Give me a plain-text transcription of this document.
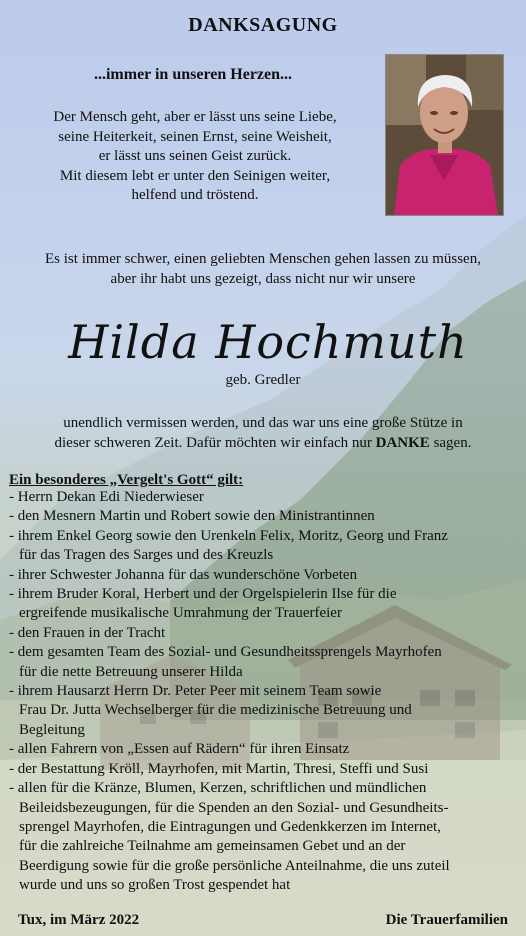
DANKSAGUNG
...immer in unseren Herzen...
Der Mensch geht, aber er lässt uns seine Liebe,
seine Heiterkeit, seinen Ernst, seine Weisheit,
er lässt uns seinen Geist zurück.
Mit diesem lebt er unter den Seinigen weiter,
helfend und tröstend.
Es ist immer schwer, einen geliebten Menschen gehen lassen zu müssen,
aber ihr habt uns gezeigt, dass nicht nur wir unsere
Hilda Hochmuth
geb. Gredler
unendlich vermissen werden, und das war uns eine große Stütze in
dieser schweren Zeit. Dafür möchten wir einfach nur DANKE sagen.
Ein besonderes „Vergelt's Gott“ gilt:
- Herrn Dekan Edi Niederwieser
- den Mesnern Martin und Robert sowie den Ministrantinnen
- ihrem Enkel Georg sowie den Urenkeln Felix, Moritz, Georg und Franz
für das Tragen des Sarges und des Kreuzls
- ihrer Schwester Johanna für das wunderschöne Vorbeten
- ihrem Bruder Koral, Herbert und der Orgelspielerin Ilse für die
ergreifende musikalische Umrahmung der Trauerfeier
- den Frauen in der Tracht
- dem gesamten Team des Sozial- und Gesundheitssprengels Mayrhofen
für die nette Betreuung unserer Hilda
- ihrem Hausarzt Herrn Dr. Peter Peer mit seinem Team sowie
Frau Dr. Jutta Wechselberger für die medizinische Betreuung und
Begleitung
- allen Fahrern von „Essen auf Rädern“ für ihren Einsatz
- der Bestattung Kröll, Mayrhofen, mit Martin, Thresi, Steffi und Susi
- allen für die Kränze, Blumen, Kerzen, schriftlichen und mündlichen
Beileidsbezeugungen, für die Spenden an den Sozial- und Gesundheits-
sprengel Mayrhofen, die Eintragungen und Gedenkkerzen im Internet,
für die zahlreiche Teilnahme am gemeinsamen Gebet und an der
Beerdigung sowie für die große persönliche Anteilnahme, die uns zuteil
wurde und uns so großen Trost gespendet hat
Tux, im März 2022	Die Trauerfamilien
